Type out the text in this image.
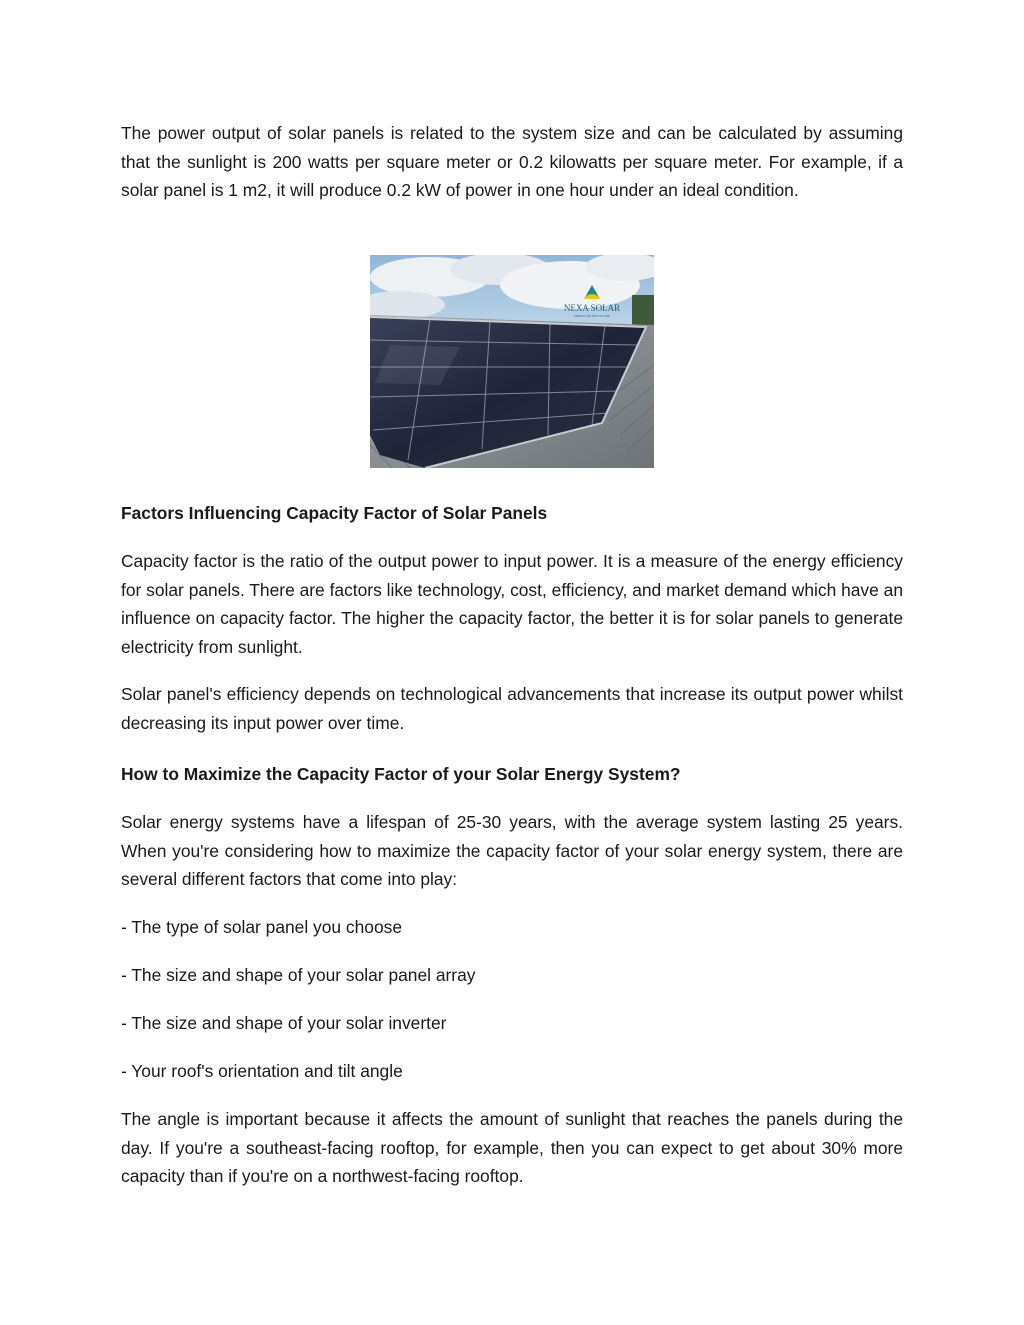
The power output of solar panels is related to the system size and can be calculated by assuming that the sunlight is 200 watts per square meter or 0.2 kilowatts per square meter. For example, if a solar panel is 1 m2, it will produce 0.2 kW of power in one hour under an ideal condition.

NEXA SOLAR
ENERGY OF THE FUTURE
Factors Influencing Capacity Factor of Solar Panels

Capacity factor is the ratio of the output power to input power. It is a measure of the energy efficiency for solar panels. There are factors like technology, cost, efficiency, and market demand which have an influence on capacity factor. The higher the capacity factor, the better it is for solar panels to generate electricity from sunlight.

Solar panel's efficiency depends on technological advancements that increase its output power whilst decreasing its input power over time.

How to Maximize the Capacity Factor of your Solar Energy System?

Solar energy systems have a lifespan of 25-30 years, with the average system lasting 25 years. When you're considering how to maximize the capacity factor of your solar energy system, there are several different factors that come into play:

- The type of solar panel you choose

- The size and shape of your solar panel array

- The size and shape of your solar inverter

- Your roof's orientation and tilt angle

The angle is important because it affects the amount of sunlight that reaches the panels during the day. If you're a southeast-facing rooftop, for example, then you can expect to get about 30% more capacity than if you're on a northwest-facing rooftop.
